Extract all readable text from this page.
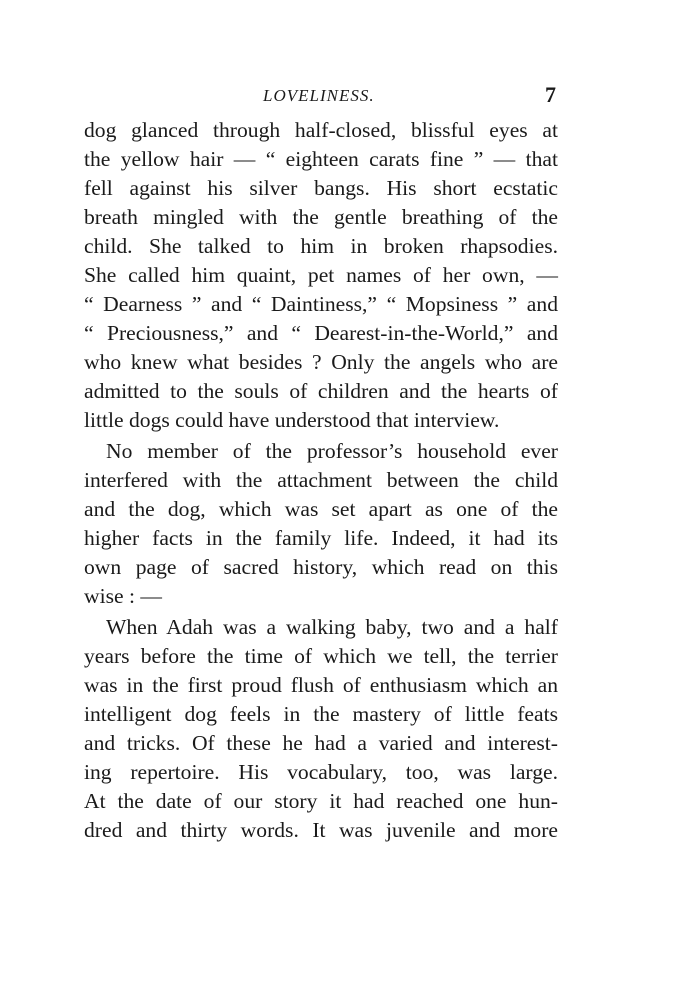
LOVELINESS.	7

dog glanced through half-closed, blissful eyes at
the yellow hair — “ eighteen carats fine ” — that
fell against his silver bangs. His short ecstatic
breath mingled with the gentle breathing of the
child. She talked to him in broken rhapsodies.
She called him quaint, pet names of her own, —
“ Dearness ” and “ Daintiness,” “ Mopsiness ” and
“ Preciousness,” and “ Dearest-in-the-World,” and
who knew what besides ? Only the angels who are
admitted to the souls of children and the hearts of
little dogs could have understood that interview.

No member of the professor’s household ever
interfered with the attachment between the child
and the dog, which was set apart as one of the
higher facts in the family life. Indeed, it had its
own page of sacred history, which read on this
wise : —

When Adah was a walking baby, two and a half
years before the time of which we tell, the terrier
was in the first proud flush of enthusiasm which an
intelligent dog feels in the mastery of little feats
and tricks. Of these he had a varied and interest-
ing repertoire. His vocabulary, too, was large.
At the date of our story it had reached one hun-
dred and thirty words. It was juvenile and more
